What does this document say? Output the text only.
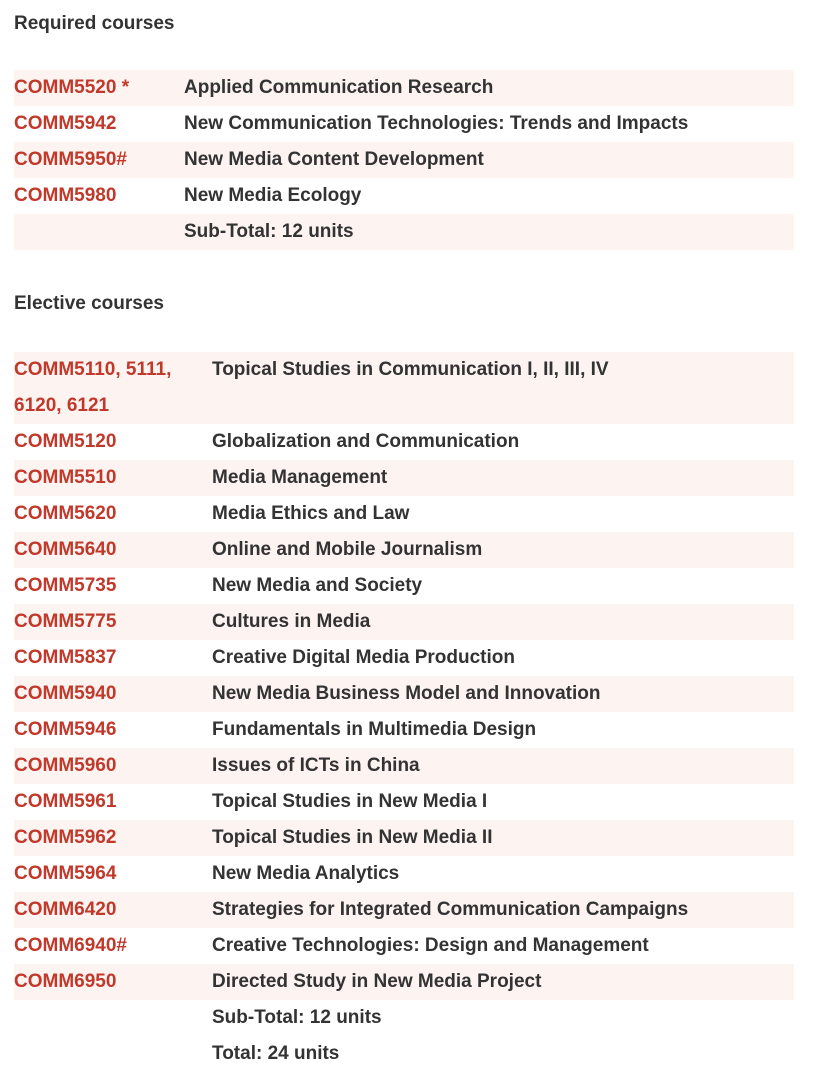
Required courses
COMM5520 *	Applied Communication Research
COMM5942	New Communication Technologies: Trends and Impacts
COMM5950#	New Media Content Development
COMM5980	New Media Ecology
	Sub-Total: 12 units
Elective courses
COMM5110, 5111,
6120, 6121	Topical Studies in Communication I, II, III, IV
COMM5120	Globalization and Communication
COMM5510	Media Management
COMM5620	Media Ethics and Law
COMM5640	Online and Mobile Journalism
COMM5735	New Media and Society
COMM5775	Cultures in Media
COMM5837	Creative Digital Media Production
COMM5940	New Media Business Model and Innovation
COMM5946	Fundamentals in Multimedia Design
COMM5960	Issues of ICTs in China
COMM5961	Topical Studies in New Media I
COMM5962	Topical Studies in New Media II
COMM5964	New Media Analytics
COMM6420	Strategies for Integrated Communication Campaigns
COMM6940#	Creative Technologies: Design and Management
COMM6950	Directed Study in New Media Project
	Sub-Total: 12 units
	Total: 24 units
